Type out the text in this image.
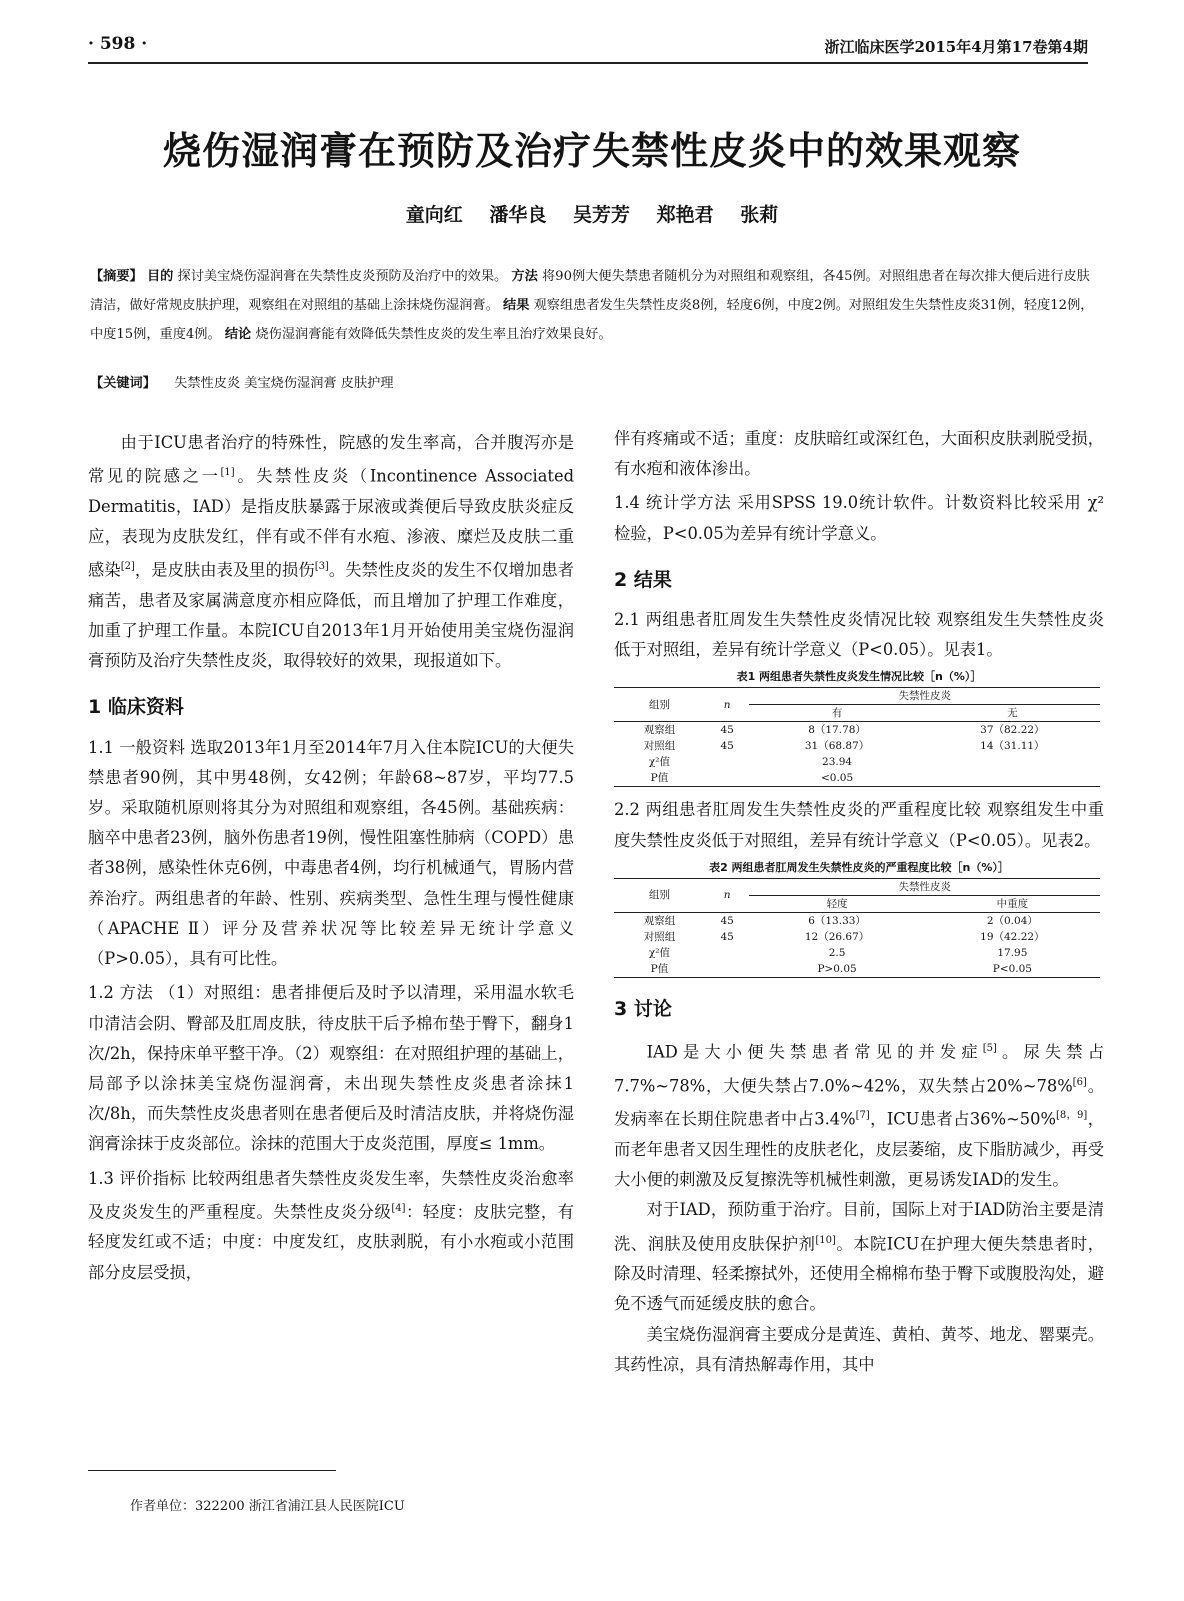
· 598 ·	浙江临床医学2015年4月第17卷第4期
烧伤湿润膏在预防及治疗失禁性皮炎中的效果观察
童向红 潘华良 吴芳芳 郑艳君 张莉
【摘要】 目的 探讨美宝烧伤湿润膏在失禁性皮炎预防及治疗中的效果。 方法 将90例大便失禁患者随机分为对照组和观察组，各45例。对照组患者在每次排大便后进行皮肤清洁，做好常规皮肤护理，观察组在对照组的基础上涂抹烧伤湿润膏。 结果 观察组患者发生失禁性皮炎8例，轻度6例，中度2例。对照组发生失禁性皮炎31例，轻度12例，中度15例，重度4例。 结论 烧伤湿润膏能有效降低失禁性皮炎的发生率且治疗效果良好。
【关键词】 失禁性皮炎 美宝烧伤湿润膏 皮肤护理

由于ICU患者治疗的特殊性，院感的发生率高，合并腹泻亦是常见的院感之一[1]。失禁性皮炎（Incontinence Associated Dermatitis，IAD）是指皮肤暴露于尿液或粪便后导致皮肤炎症反应，表现为皮肤发红，伴有或不伴有水疱、渗液、糜烂及皮肤二重感染[2]，是皮肤由表及里的损伤[3]。失禁性皮炎的发生不仅增加患者痛苦，患者及家属满意度亦相应降低，而且增加了护理工作难度，加重了护理工作量。本院ICU自2013年1月开始使用美宝烧伤湿润膏预防及治疗失禁性皮炎，取得较好的效果，现报道如下。

1 临床资料

1.1 一般资料 选取2013年1月至2014年7月入住本院ICU的大便失禁患者90例，其中男48例，女42例；年龄68~87岁，平均77.5岁。采取随机原则将其分为对照组和观察组，各45例。基础疾病：脑卒中患者23例，脑外伤患者19例，慢性阻塞性肺病（COPD）患者38例，感染性休克6例，中毒患者4例，均行机械通气，胃肠内营养治疗。两组患者的年龄、性别、疾病类型、急性生理与慢性健康（APACHE Ⅱ）评分及营养状况等比较差异无统计学意义（P>0.05），具有可比性。

1.2 方法 （1）对照组：患者排便后及时予以清理，采用温水软毛巾清洁会阴、臀部及肛周皮肤，待皮肤干后予棉布垫于臀下，翻身1次/2h，保持床单平整干净。（2）观察组：在对照组护理的基础上，局部予以涂抹美宝烧伤湿润膏，未出现失禁性皮炎患者涂抹1次/8h，而失禁性皮炎患者则在患者便后及时清洁皮肤，并将烧伤湿润膏涂抹于皮炎部位。涂抹的范围大于皮炎范围，厚度≤ 1mm。

1.3 评价指标 比较两组患者失禁性皮炎发生率，失禁性皮炎治愈率及皮炎发生的严重程度。失禁性皮炎分级[4]：轻度：皮肤完整，有轻度发红或不适；中度：中度发红，皮肤剥脱，有小水疱或小范围部分皮层受损，

伴有疼痛或不适；重度：皮肤暗红或深红色，大面积皮肤剥脱受损，有水疱和液体渗出。

1.4 统计学方法 采用SPSS 19.0统计软件。计数资料比较采用 χ² 检验，P<0.05为差异有统计学意义。

2 结果

2.1 两组患者肛周发生失禁性皮炎情况比较 观察组发生失禁性皮炎低于对照组，差异有统计学意义（P<0.05）。见表1。

表1 两组患者失禁性皮炎发生情况比较［n（%）］
组别	n	失禁性皮炎	
		有	无
观察组	45	8（17.78）	37（82.22）
对照组	45	31（68.87）	14（31.11）
χ²值		23.94	
P值		<0.05	

2.2 两组患者肛周发生失禁性皮炎的严重程度比较 观察组发生中重度失禁性皮炎低于对照组，差异有统计学意义（P<0.05）。见表2。

表2 两组患者肛周发生失禁性皮炎的严重程度比较［n（%）］
组别	n	失禁性皮炎	
		轻度	中重度
观察组	45	6（13.33）	2（0.04）
对照组	45	12（26.67）	19（42.22）
χ²值		2.5	17.95
P值		P>0.05	P<0.05
3 讨论

IAD是大小便失禁患者常见的并发症[5]。尿失禁占7.7%~78%，大便失禁占7.0%~42%，双失禁占20%~78%[6]。发病率在长期住院患者中占3.4%[7]，ICU患者占36%~50%[8，9]，而老年患者又因生理性的皮肤老化，皮层萎缩，皮下脂肪减少，再受大小便的刺激及反复擦洗等机械性刺激，更易诱发IAD的发生。

对于IAD，预防重于治疗。目前，国际上对于IAD防治主要是清洗、润肤及使用皮肤保护剂[10]。本院ICU在护理大便失禁患者时，除及时清理、轻柔擦拭外，还使用全棉棉布垫于臀下或腹股沟处，避免不透气而延缓皮肤的愈合。

美宝烧伤湿润膏主要成分是黄连、黄柏、黄芩、地龙、罂粟壳。其药性凉，具有清热解毒作用，其中

作者单位：322200 浙江省浦江县人民医院ICU
